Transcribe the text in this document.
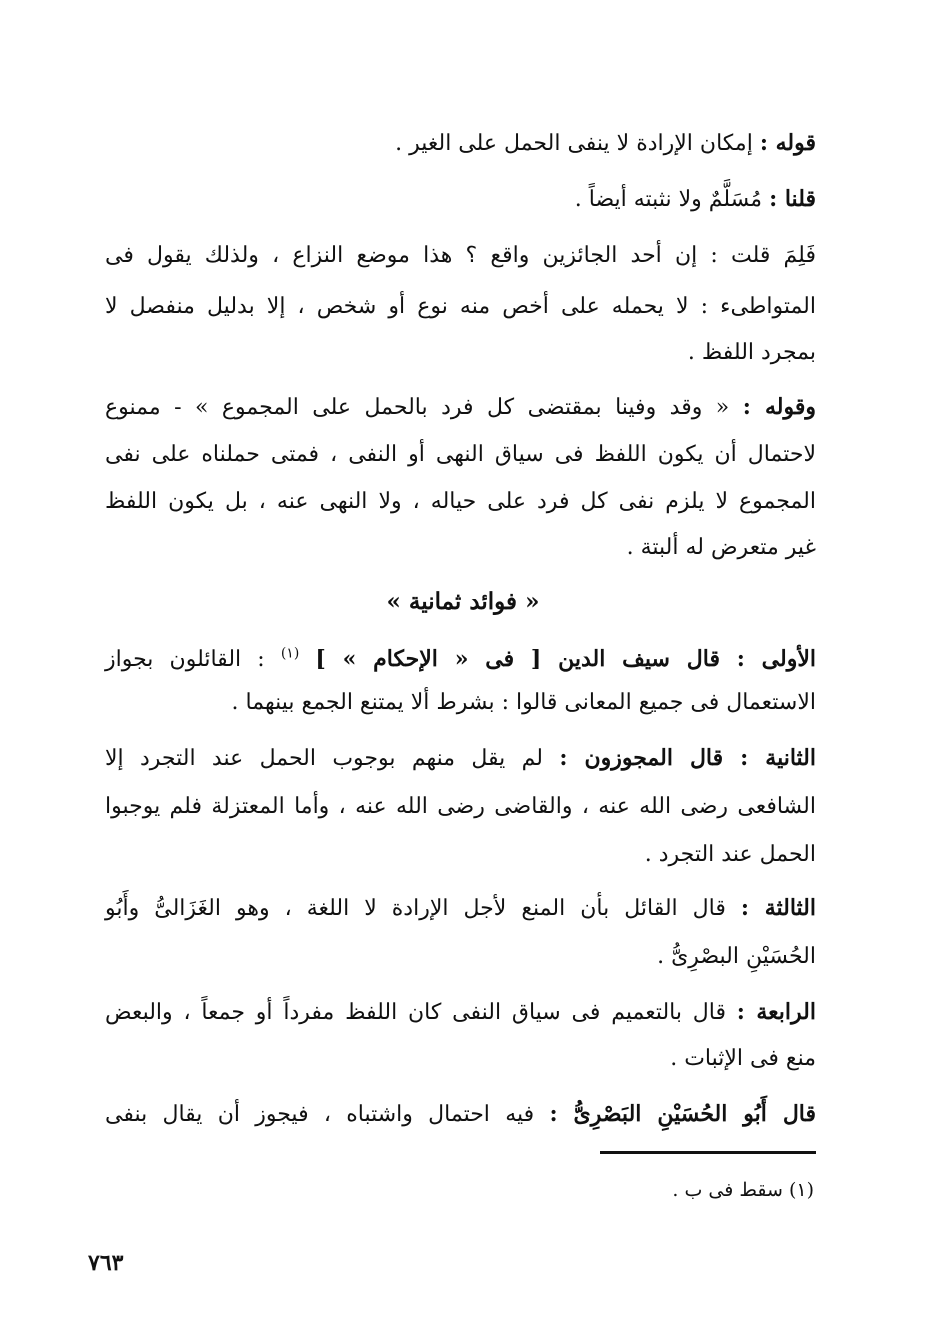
قوله : إمكان الإرادة لا ينفى الحمل على الغير .
قلنا : مُسَلَّمٌ ولا نثبته أيضاً .
فَلِمَ قلت : إن أحد الجائزين واقع ؟ هذا موضع النزاع ، ولذلك يقول فى
المتواطىء : لا يحمله على أخص منه نوع أو شخص ، إلا بدليل منفصل لا
بمجرد اللفظ .
وقوله : « وقد وفينا بمقتضى كل فرد بالحمل على المجموع » - ممنوع
لاحتمال أن يكون اللفظ فى سياق النهى أو النفى ، فمتى حملناه على نفى
المجموع لا يلزم نفى كل فرد على حياله ، ولا النهى عنه ، بل يكون اللفظ
غير متعرض له ألبتة .
« فوائد ثمانية »
الأولى : قال سيف الدين [ فى « الإحكام » ] $^{(١)}$ : القائلون بجواز
الاستعمال فى جميع المعانى قالوا : بشرط ألا يمتنع الجمع بينهما .
الثانية : قال المجوزون : لم يقل منهم بوجوب الحمل عند التجرد إلا
الشافعى رضى الله عنه ، والقاضى رضى الله عنه ، وأما المعتزلة فلم يوجبوا
الحمل عند التجرد .
الثالثة : قال القائل بأن المنع لأجل الإرادة لا اللغة ، وهو الغَزَالىُّ وأَبُو
الحُسَيْنِ البصْرِىُّ .
الرابعة : قال بالتعميم فى سياق النفى كان اللفظ مفرداً أو جمعاً ، والبعض
منع فى الإثبات .
قال أَبُو الحُسَيْنِ البَصْرِىُّ : فيه احتمال واشتباه ، فيجوز أن يقال بنفى
(١) سقط فى ب .
٧٦٣
